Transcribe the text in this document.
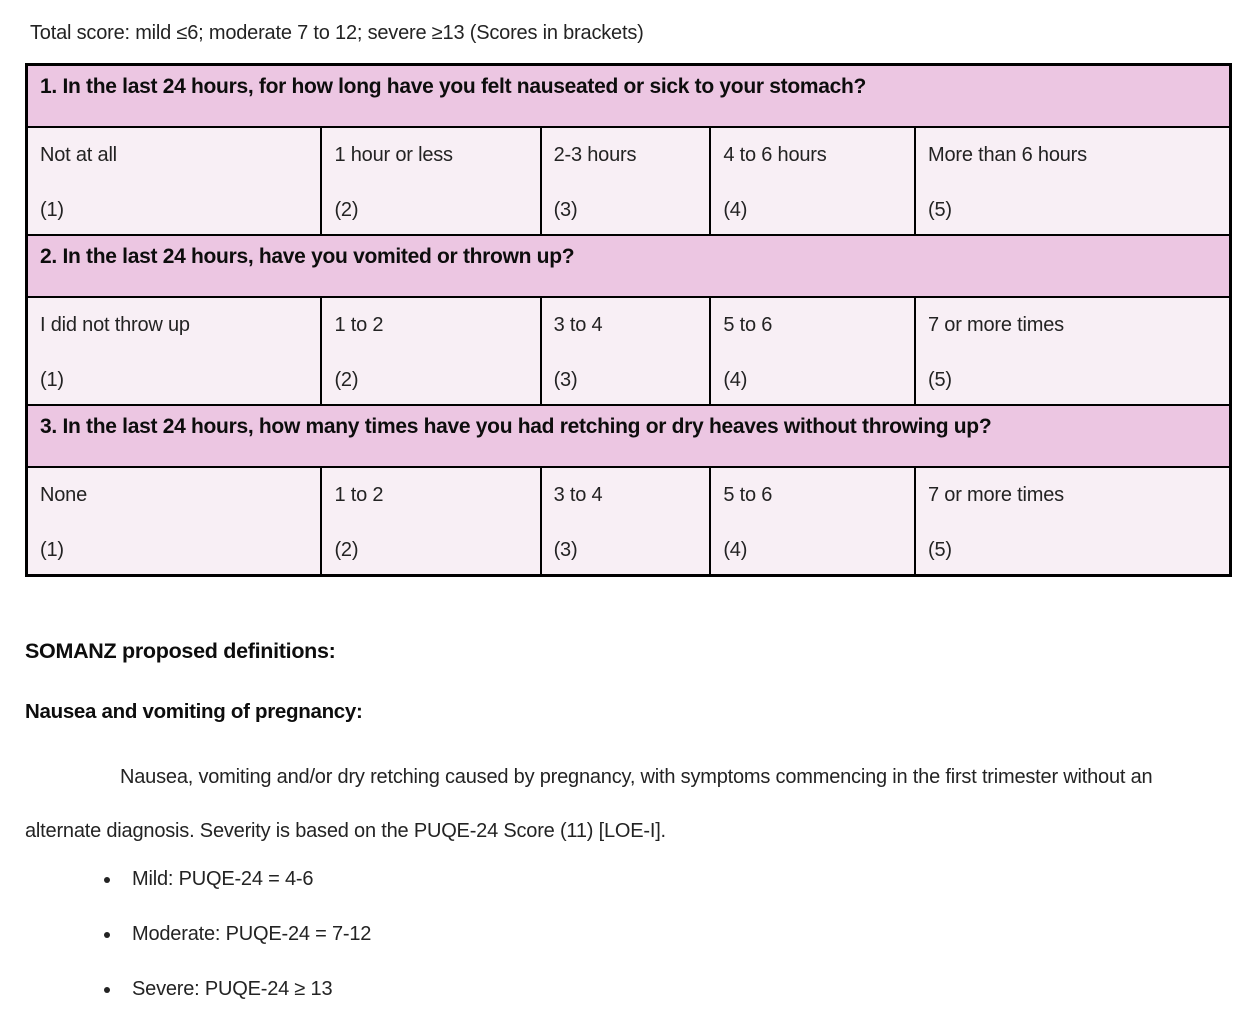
Total score: mild ≤6; moderate 7 to 12; severe ≥13 (Scores in brackets)
1. In the last 24 hours, for how long have you felt nauseated or sick to your stomach?				

Not at all
(1)

1 hour or less
(2)

2-3 hours
(3)

4 to 6 hours
(4)

More than 6 hours
(5)

2. In the last 24 hours, have you vomited or thrown up?				

I did not throw up
(1)

1 to 2
(2)

3 to 4
(3)

5 to 6
(4)

7 or more times
(5)

3. In the last 24 hours, how many times have you had retching or dry heaves without throwing up?				

None
(1)

1 to 2
(2)

3 to 4
(3)

5 to 6
(4)

7 or more times
(5)
SOMANZ proposed definitions:
Nausea and vomiting of pregnancy:

Nausea, vomiting and/or dry retching caused by pregnancy, with symptoms commencing in the first trimester without an alternate diagnosis. Severity is based on the PUQE-24 Score (11) [LOE-I].

• Mild: PUQE-24 = 4-6
• Moderate: PUQE-24 = 7-12
• Severe: PUQE-24 ≥ 13
